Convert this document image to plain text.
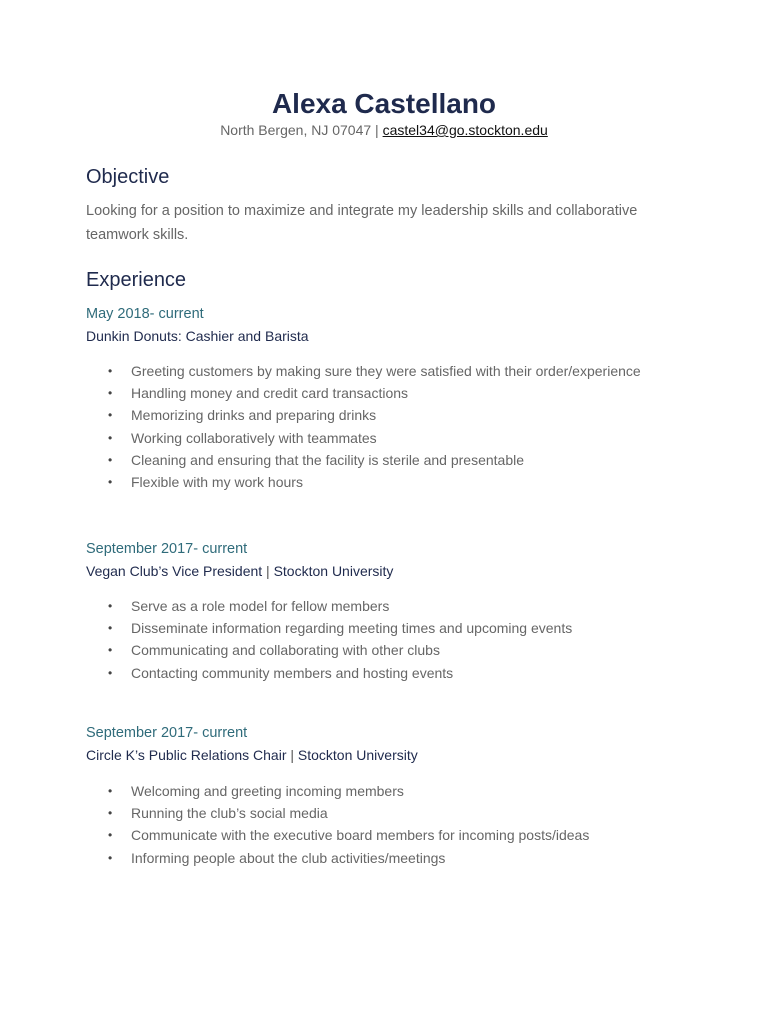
Alexa Castellano
North Bergen, NJ 07047 | castel34@go.stockton.edu
Objective
Looking for a position to maximize and integrate my leadership skills and collaborative teamwork skills.
Experience
May 2018- current
Dunkin Donuts: Cashier and Barista
• Greeting customers by making sure they were satisfied with their order/experience
• Handling money and credit card transactions
• Memorizing drinks and preparing drinks
• Working collaboratively with teammates
• Cleaning and ensuring that the facility is sterile and presentable
• Flexible with my work hours
September 2017- current
Vegan Club’s Vice President | Stockton University
• Serve as a role model for fellow members
• Disseminate information regarding meeting times and upcoming events
• Communicating and collaborating with other clubs
• Contacting community members and hosting events
September 2017- current
Circle K’s Public Relations Chair | Stockton University
• Welcoming and greeting incoming members
• Running the club’s social media
• Communicate with the executive board members for incoming posts/ideas
• Informing people about the club activities/meetings
